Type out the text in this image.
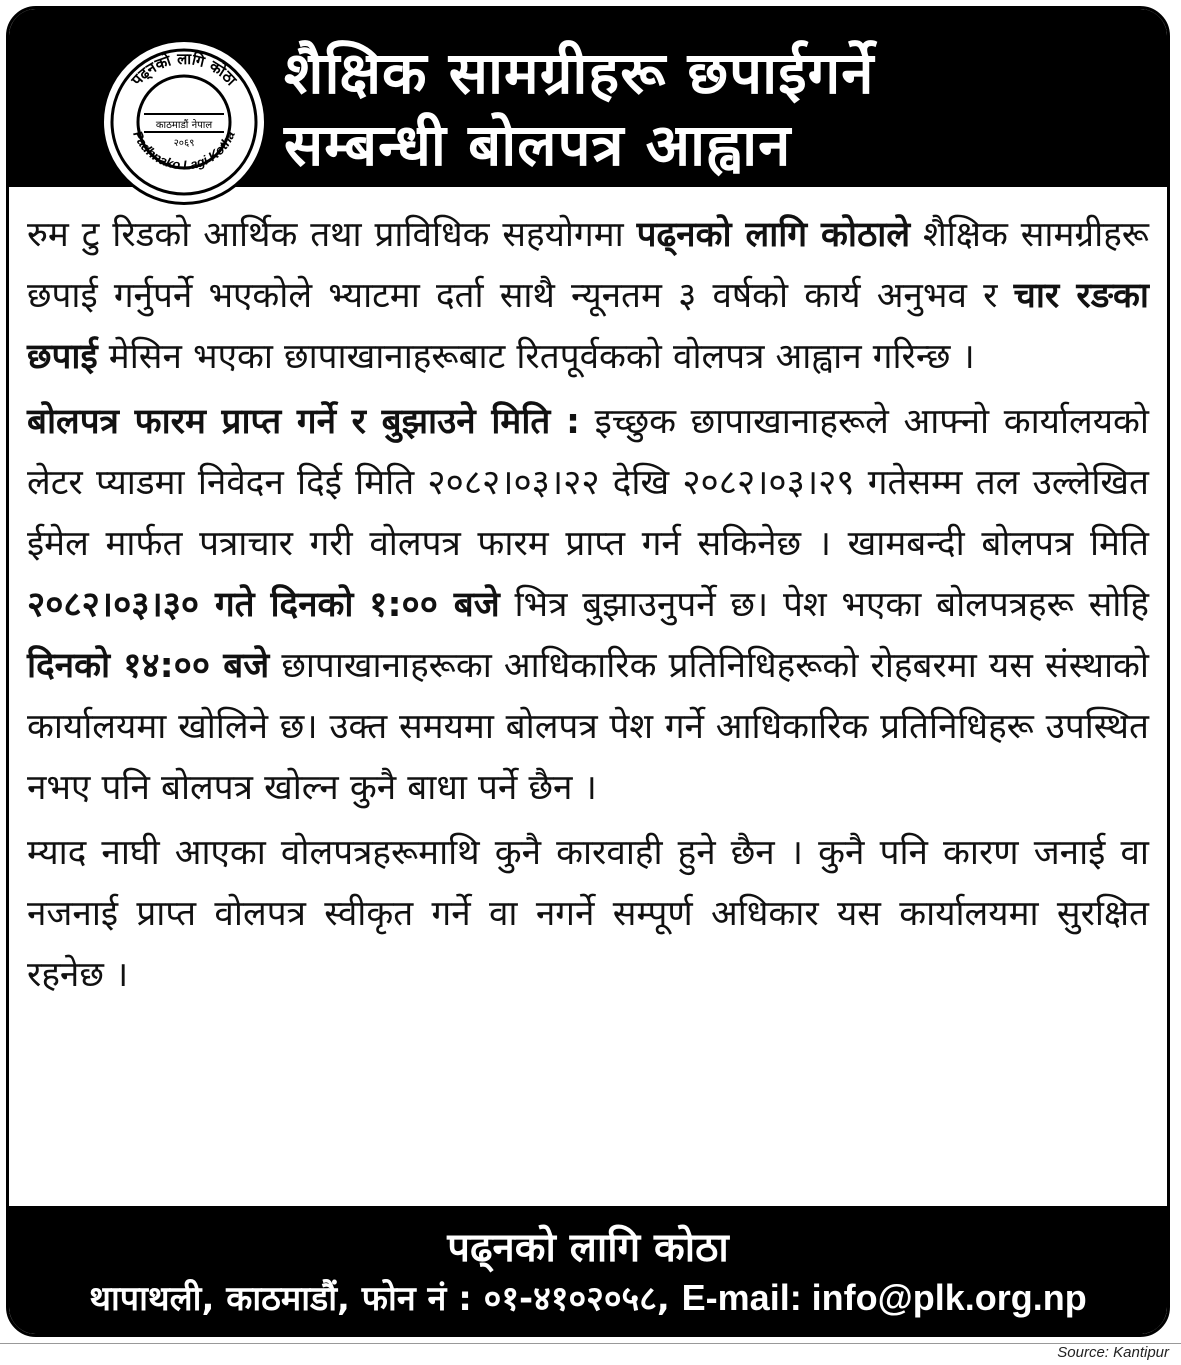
पढ्नको लागि कोठा
Padhnako Lagi Kotha
काठमाडौं नेपाल
२०६९
शैक्षिक सामग्रीहरू छपाईगर्ने
सम्बन्धी बोलपत्र आह्वान

रुम टु रिडको आर्थिक तथा प्राविधिक सहयोगमा पढ्नको लागि कोठाले शैक्षिक सामग्रीहरू छपाई गर्नुपर्ने भएकोले भ्याटमा दर्ता साथै न्यूनतम ३ वर्षको कार्य अनुभव र चार रङका छपाई मेसिन भएका छापाखानाहरूबाट रितपूर्वकको वोलपत्र आह्वान गरिन्छ ।

बोलपत्र फारम प्राप्त गर्ने र बुझाउने मिति : इच्छुक छापाखानाहरूले आफ्नो कार्यालयको लेटर प्याडमा निवेदन दिई मिति २०८२।०३।२२ देखि २०८२।०३।२९ गतेसम्म तल उल्लेखित ईमेल मार्फत पत्राचार गरी वोलपत्र फारम प्राप्त गर्न सकिनेछ । खामबन्दी बोलपत्र मिति २०८२।०३।३० गते दिनको १:०० बजे भित्र बुझाउनुपर्ने छ। पेश भएका बोलपत्रहरू सोहि दिनको १४:०० बजे छापाखानाहरूका आधिकारिक प्रतिनिधिहरूको रोहबरमा यस संस्थाको कार्यालयमा खोलिने छ। उक्त समयमा बोलपत्र पेश गर्ने आधिकारिक प्रतिनिधिहरू उपस्थित नभए पनि बोलपत्र खोल्न कुनै बाधा पर्ने छैन ।

म्याद नाघी आएका वोलपत्रहरूमाथि कुनै कारवाही हुने छैन । कुनै पनि कारण जनाई वा नजनाई प्राप्त वोलपत्र स्वीकृत गर्ने वा नगर्ने सम्पूर्ण अधिकार यस कार्यालयमा सुरक्षित रहनेछ ।

पढ्नको लागि कोठा
थापाथली, काठमाडौं, फोन नं : ०१-४१०२०५८, E-mail: info@plk.org.np
Source: Kantipur
